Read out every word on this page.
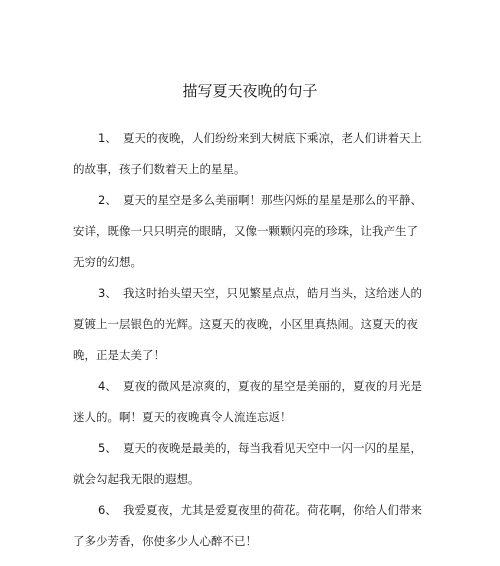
描写夏天夜晚的句子
1、 夏天的夜晚，人们纷纷来到大树底下乘凉，老人们讲着天上
的故事，孩子们数着天上的星星。
2、 夏天的星空是多么美丽啊！那些闪烁的星星是那么的平静、
安详，既像一只只明亮的眼睛，又像一颗颗闪亮的珍珠，让我产生了
无穷的幻想。
3、 我这时抬头望天空，只见繁星点点，皓月当头，这给迷人的
夏镀上一层银色的光辉。这夏天的夜晚，小区里真热闹。这夏天的夜
晚，正是太美了！
4、 夏夜的微风是凉爽的，夏夜的星空是美丽的，夏夜的月光是
迷人的。啊！夏天的夜晚真令人流连忘返！
5、 夏天的夜晚是最美的，每当我看见天空中一闪一闪的星星，
就会勾起我无限的遐想。
6、 我爱夏夜，尤其是爱夏夜里的荷花。荷花啊，你给人们带来
了多少芳香，你使多少人心醉不已！
